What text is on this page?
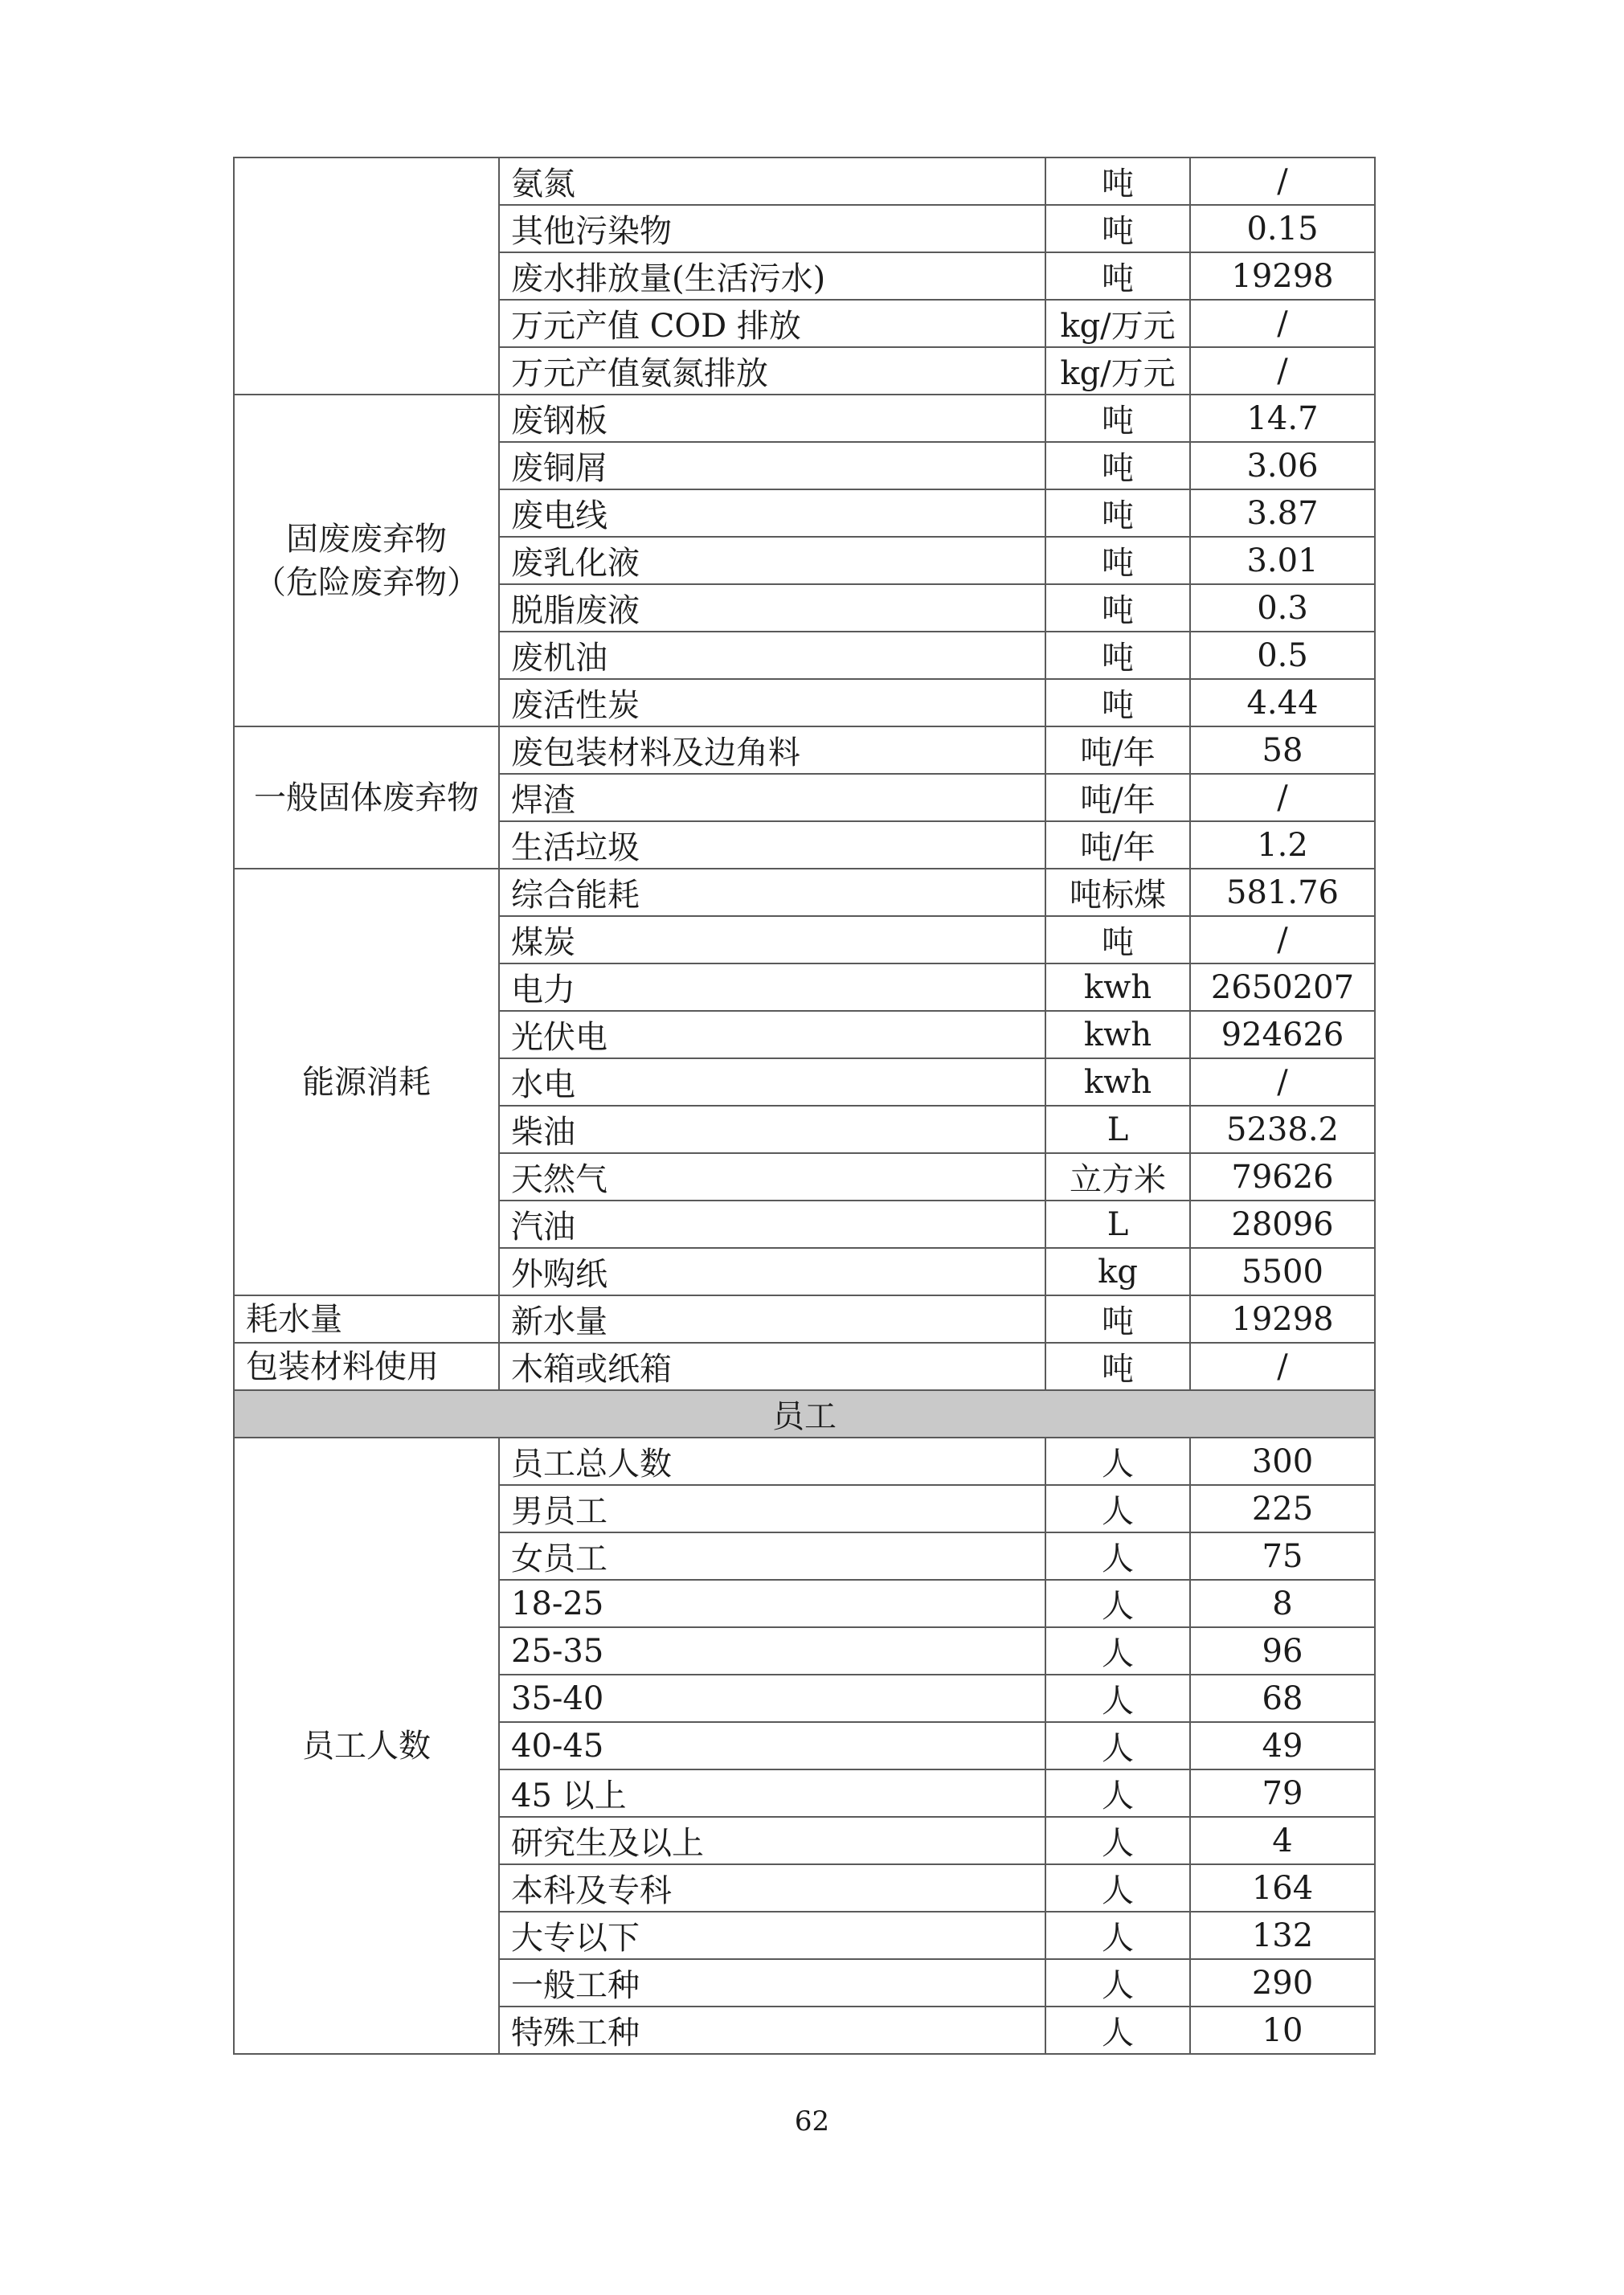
	氨氮	吨	/
	其他污染物	吨	0.15
	废水排放量(生活污水)	吨	19298
	万元产值 COD 排放	kg/万元	/
	万元产值氨氮排放	kg/万元	/
固废废弃物
（危险废弃物）	废钢板	吨	14.7
	废铜屑	吨	3.06
	废电线	吨	3.87
	废乳化液	吨	3.01
	脱脂废液	吨	0.3
	废机油	吨	0.5
	废活性炭	吨	4.44
一般固体废弃物	废包装材料及边角料	吨/年	58
	焊渣	吨/年	/
	生活垃圾	吨/年	1.2
能源消耗	综合能耗	吨标煤	581.76
	煤炭	吨	/
	电力	kwh	2650207
	光伏电	kwh	924626
	水电	kwh	/
	柴油	L	5238.2
	天然气	立方米	79626
	汽油	L	28096
	外购纸	kg	5500
耗水量	新水量	吨	19298
包装材料使用	木箱或纸箱	吨	/
员工			
员工人数	员工总人数	人	300
	男员工	人	225
	女员工	人	75
	18-25	人	8
	25-35	人	96
	35-40	人	68
	40-45	人	49
	45 以上	人	79
	研究生及以上	人	4
	本科及专科	人	164
	大专以下	人	132
	一般工种	人	290
	特殊工种	人	10
62
